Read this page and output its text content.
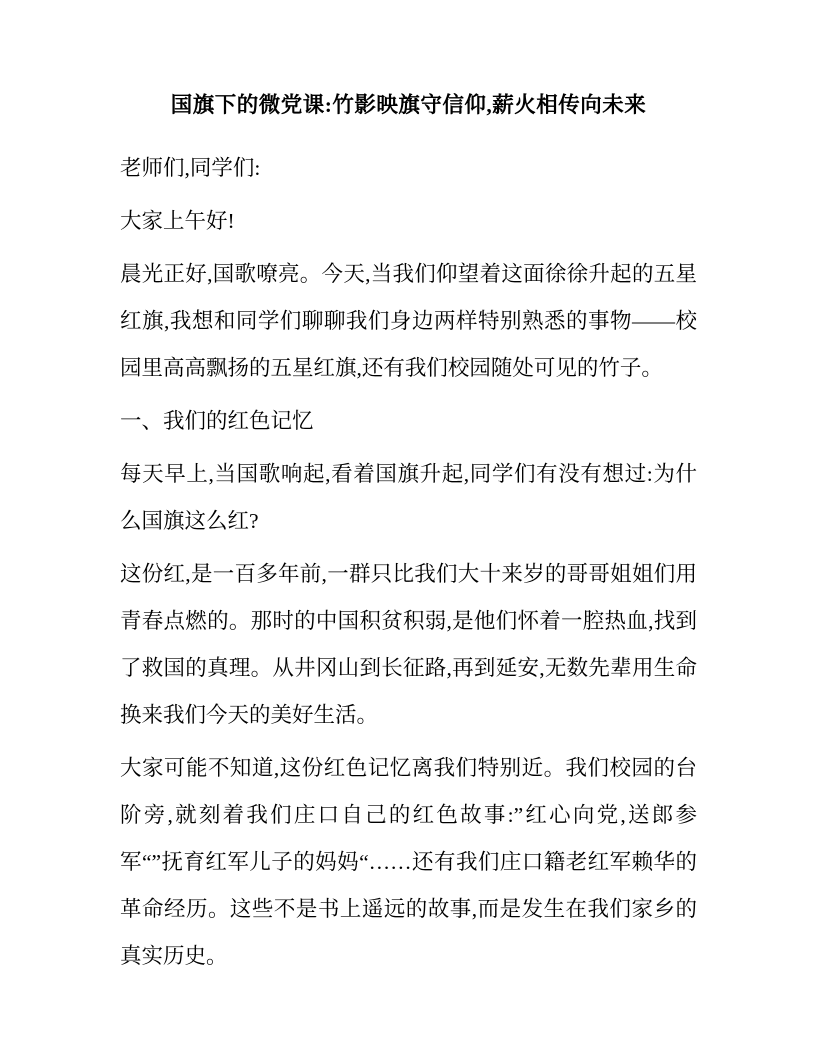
国旗下的微党课:竹影映旗守信仰,薪火相传向未来

老师们,同学们:

大家上午好!

晨光正好,国歌嘹亮。今天,当我们仰望着这面徐徐升起的五星红旗,我想和同学们聊聊我们身边两样特别熟悉的事物——校园里高高飘扬的五星红旗,还有我们校园随处可见的竹子。

一、我们的红色记忆

每天早上,当国歌响起,看着国旗升起,同学们有没有想过:为什么国旗这么红?

这份红,是一百多年前,一群只比我们大十来岁的哥哥姐姐们用青春点燃的。那时的中国积贫积弱,是他们怀着一腔热血,找到了救国的真理。从井冈山到长征路,再到延安,无数先辈用生命换来我们今天的美好生活。

大家可能不知道,这份红色记忆离我们特别近。我们校园的台阶旁,就刻着我们庄口自己的红色故事:”红心向党,送郎参军“”抚育红军儿子的妈妈“……还有我们庄口籍老红军赖华的革命经历。这些不是书上遥远的故事,而是发生在我们家乡的真实历史。
